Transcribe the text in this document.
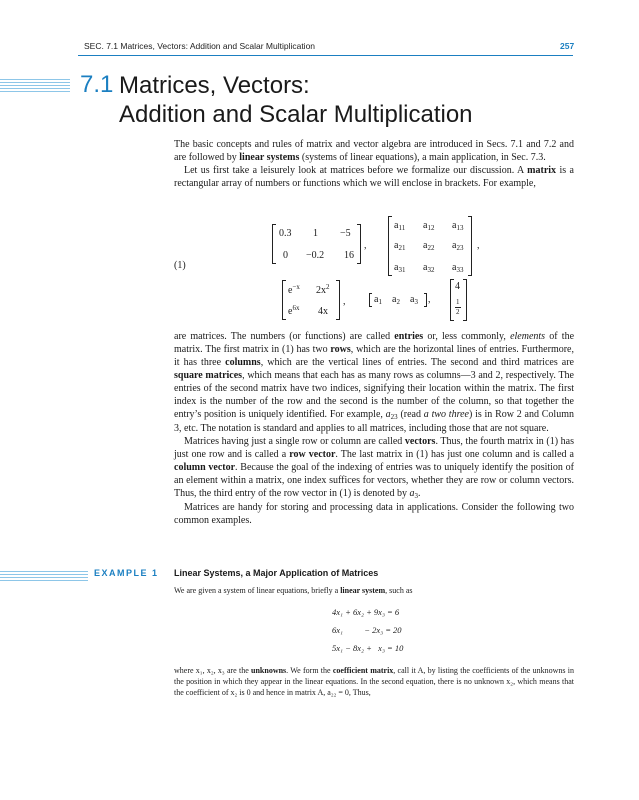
SEC. 7.1 Matrices, Vectors: Addition and Scalar Multiplication	257
7.1 Matrices, Vectors:
Addition and Scalar Multiplication

The basic concepts and rules of matrix and vector algebra are introduced in Secs. 7.1 and 7.2 and are followed by linear systems (systems of linear equations), a main application, in Sec. 7.3.

Let us first take a leisurely look at matrices before we formalize our discussion. A matrix is a rectangular array of numbers or functions which we will enclose in brackets. For example,

(1)
0.3 1 −5
0 −0.2 16
,
$a_{11}$ $a_{12}$ $a_{13}$
$a_{21}$ $a_{22}$ $a_{23}$
$a_{31}$ $a_{32}$ $a_{33}$
,
$e^{-x}$ $2x^2$
$e^{6x}$ 4x
,	$a_1$ $a_2$ $a_3$ ,
4
1
2

are matrices. The numbers (or functions) are called entries or, less commonly, elements of the matrix. The first matrix in (1) has two rows, which are the horizontal lines of entries. Furthermore, it has three columns, which are the vertical lines of entries. The second and third matrices are square matrices, which means that each has as many rows as columns—3 and 2, respectively. The entries of the second matrix have two indices, signifying their location within the matrix. The first index is the number of the row and the second is the number of the column, so that together the entry’s position is uniquely identified. For example, $a_{23}$ (read a two three) is in Row 2 and Column 3, etc. The notation is standard and applies to all matrices, including those that are not square.

Matrices having just a single row or column are called vectors. Thus, the fourth matrix in (1) has just one row and is called a row vector. The last matrix in (1) has just one column and is called a column vector. Because the goal of the indexing of entries was to uniquely identify the position of an element within a matrix, one index suffices for vectors, whether they are row or column vectors. Thus, the third entry of the row vector in (1) is denoted by $a_3$.

Matrices are handy for storing and processing data in applications. Consider the following two common examples.

EXAMPLE 1 Linear Systems, a Major Application of Matrices
We are given a system of linear equations, briefly a linear system, such as
4x₁ + 6x₂ + 9x₃ = 6
6x₁          − 2x₃ = 20
5x₁ − 8x₂ +   x₃ = 10
where x₁, x₂, x₃ are the unknowns. We form the coefficient matrix, call it A, by listing the coefficients of the unknowns in the position in which they appear in the linear equations. In the second equation, there is no unknown x₂, which means that the coefficient of x₂ is 0 and hence in matrix A, a₂₂ = 0, Thus,
